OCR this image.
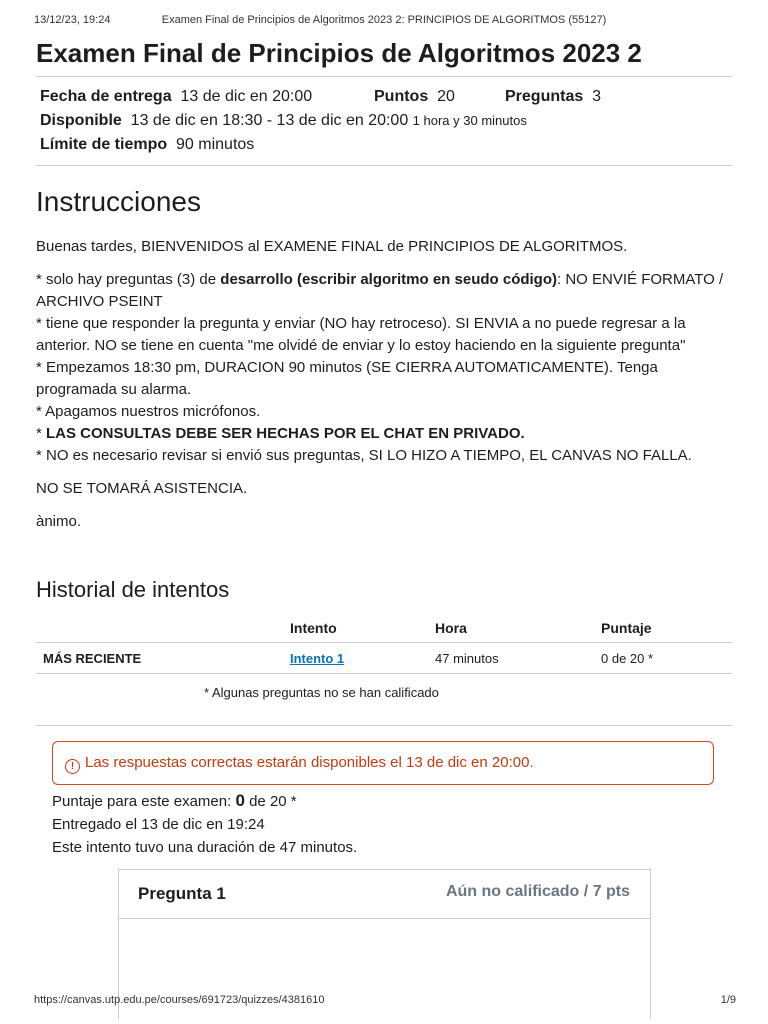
13/12/23, 19:24	Examen Final de Principios de Algoritmos 2023 2: PRINCIPIOS DE ALGORITMOS (55127)
Examen Final de Principios de Algoritmos 2023 2
Fecha de entrega 13 de dic en 20:00	Puntos 20	Preguntas 3
Disponible 13 de dic en 18:30 - 13 de dic en 20:00 1 hora y 30 minutos
Límite de tiempo 90 minutos
Instrucciones

Buenas tardes, BIENVENIDOS al EXAMENE FINAL de PRINCIPIOS DE ALGORITMOS.

* solo hay preguntas (3) de desarrollo (escribir algoritmo en seudo código): NO ENVIÉ FORMATO / ARCHIVO PSEINT
* tiene que responder la pregunta y enviar (NO hay retroceso). SI ENVIA a no puede regresar a la anterior. NO se tiene en cuenta "me olvidé de enviar y lo estoy haciendo en la siguiente pregunta"
* Empezamos 18:30 pm, DURACION 90 minutos (SE CIERRA AUTOMATICAMENTE). Tenga programada su alarma.
* Apagamos nuestros micrófonos.
* LAS CONSULTAS DEBE SER HECHAS POR EL CHAT EN PRIVADO.
* NO es necesario revisar si envió sus preguntas, SI LO HIZO A TIEMPO, EL CANVAS NO FALLA.

NO SE TOMARÁ ASISTENCIA.

ànimo.

Historial de intentos
	Intento	Hora	Puntaje
MÁS RECIENTE	Intento 1	47 minutos	0 de 20 *
* Algunas preguntas no se han calificado
! Las respuestas correctas estarán disponibles el 13 de dic en 20:00.
Puntaje para este examen: 0 de 20 *
Entregado el 13 de dic en 19:24
Este intento tuvo una duración de 47 minutos.
Pregunta 1	Aún no calificado / 7 pts
https://canvas.utp.edu.pe/courses/691723/quizzes/4381610	1/9
